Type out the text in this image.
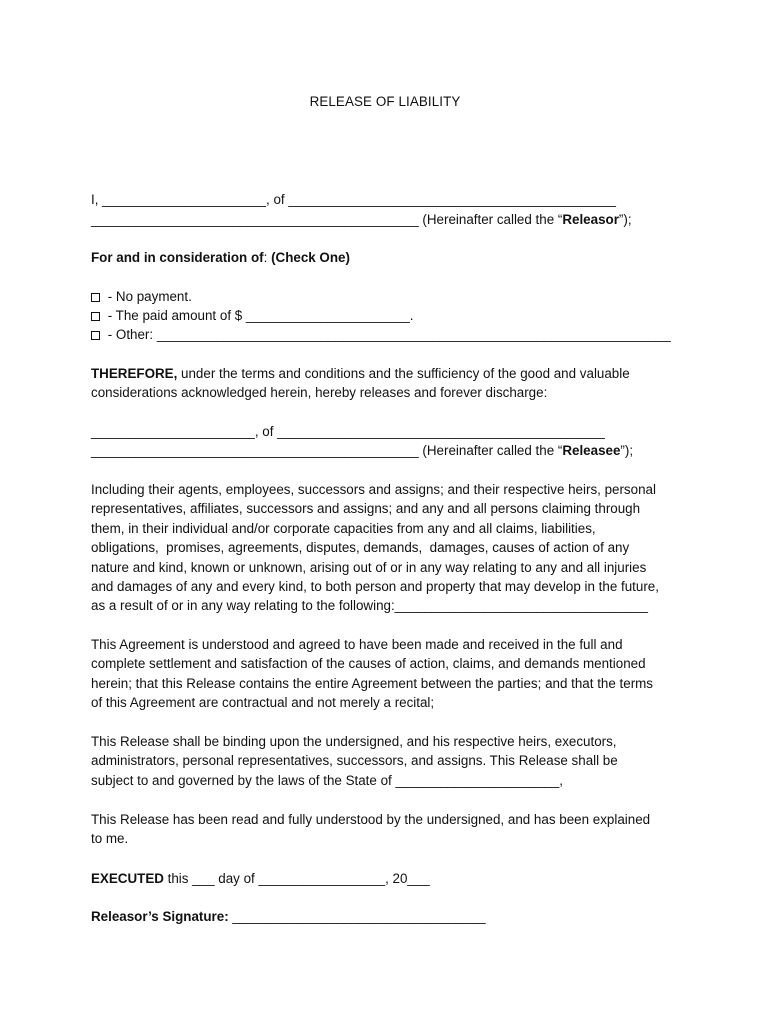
RELEASE OF LIABILITY
I, ______________________, of ____________________________________________
____________________________________________ (Hereinafter called the “Releasor”);
For and in consideration of: (Check One)
- No payment.
- The paid amount of $ ______________________.
- Other: _____________________________________________________________________
THEREFORE, under the terms and conditions and the sufficiency of the good and valuable
considerations acknowledged herein, hereby releases and forever discharge:
______________________, of ____________________________________________
____________________________________________ (Hereinafter called the “Releasee”);
Including their agents, employees, successors and assigns; and their respective heirs, personal
representatives, affiliates, successors and assigns; and any and all persons claiming through
them, in their individual and/or corporate capacities from any and all claims, liabilities,
obligations,  promises, agreements, disputes, demands,  damages, causes of action of any
nature and kind, known or unknown, arising out of or in any way relating to any and all injuries
and damages of any and every kind, to both person and property that may develop in the future,
as a result of or in any way relating to the following:__________________________________
This Agreement is understood and agreed to have been made and received in the full and
complete settlement and satisfaction of the causes of action, claims, and demands mentioned
herein; that this Release contains the entire Agreement between the parties; and that the terms
of this Agreement are contractual and not merely a recital;
This Release shall be binding upon the undersigned, and his respective heirs, executors,
administrators, personal representatives, successors, and assigns. This Release shall be
subject to and governed by the laws of the State of ______________________,
This Release has been read and fully understood by the undersigned, and has been explained
to me.
EXECUTED this ___ day of _________________, 20___
Releasor’s Signature: __________________________________
